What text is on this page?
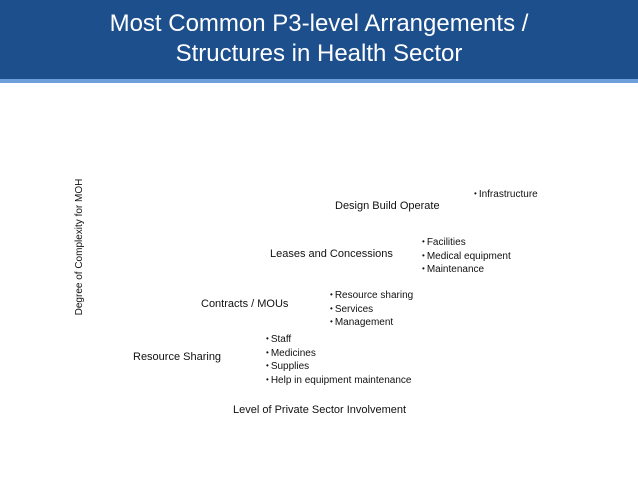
Most Common P3-level Arrangements /
Structures in Health Sector
Degree of Complexity for MOH
Resource Sharing
• Staff
• Medicines
• Supplies
• Help in equipment maintenance
Contracts / MOUs
• Resource sharing
• Services
• Management
Leases and Concessions
• Facilities
• Medical equipment
• Maintenance
Design Build Operate
• Infrastructure
Level of Private Sector Involvement
